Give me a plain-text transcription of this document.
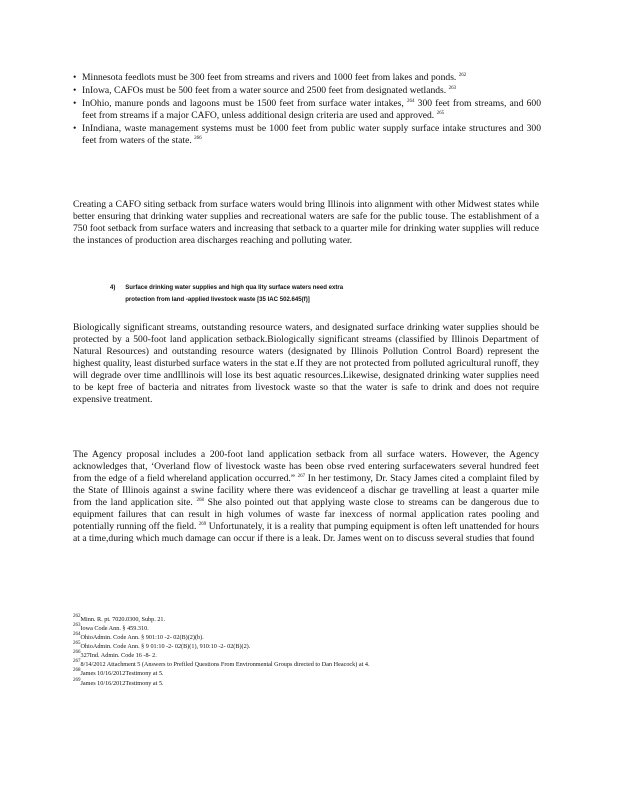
• Minnesota feedlots must be 300 feet from streams and rivers and 1000 feet from lakes and ponds. $^{262}$
• InIowa, CAFOs must be 500 feet from a water source and 2500 feet from designated wetlands. $^{263}$
• InOhio, manure ponds and lagoons must be 1500 feet from surface water intakes, $^{264}$ 300 feet from streams, and 600 feet from streams if a major CAFO, unless additional design criteria are used and approved. $^{265}$
• InIndiana, waste management systems must be 1000 feet from public water supply surface intake structures and 300 feet from waters of the state. $^{266}$

Creating a CAFO siting setback from surface waters would bring Illinois into alignment with other Midwest states while better ensuring that drinking water supplies and recreational waters are safe for the public touse. The establishment of a 750 foot setback from surface waters and increasing that setback to a quarter mile for drinking water supplies will reduce the instances of production area discharges reaching and polluting water.

4) Surface drinking water supplies and high qua lity surface waters need extra
protection from land -applied livestock waste [35 IAC 502.645(f)]

Biologically significant streams, outstanding resource waters, and designated surface drinking water supplies should be protected by a 500-foot land application setback.Biologically significant streams (classified by Illinois Department of Natural Resources) and outstanding resource waters (designated by Illinois Pollution Control Board) represent the highest quality, least disturbed surface waters in the stat e.If they are not protected from polluted agricultural runoff, they will degrade over time andIllinois will lose its best aquatic resources.Likewise, designated drinking water supplies need to be kept free of bacteria and nitrates from livestock waste so that the water is safe to drink and does not require expensive treatment.

The Agency proposal includes a 200-foot land application setback from all surface waters. However, the Agency acknowledges that, ‘Overland flow of livestock waste has been obse rved entering surfacewaters several hundred feet from the edge of a field whereland application occurred.” $^{267}$ In her testimony, Dr. Stacy James cited a complaint filed by the State of Illinois against a swine facility where there was evidenceof a dischar ge travelling at least a quarter mile from the land application site. $^{268}$ She also pointed out that applying waste close to streams can be dangerous due to equipment failures that can result in high volumes of waste far inexcess of normal application rates pooling and potentially running off the field. $^{269}$ Unfortunately, it is a reality that pumping equipment is often left unattended for hours at a time,during which much damage can occur if there is a leak. Dr. James went on to discuss several studies that found

$^{262}$Minn. R. pt. 7020.0300, Subp. 21.
$^{263}$Iowa Code Ann. § 459.310.
$^{264}$OhioAdmin. Code Ann. § 901:10 -2- 02(B)(2)(b).
$^{265}$OhioAdmin. Code Ann. § 9 01:10 -2- 02(B)(1), 910:10 -2- 02(B)(2).
$^{266}$327Ind. Admin. Code 16 -8- 2.
$^{267}$8/14/2012 Attachment 5 (Answers to Prefiled Questions From Environmental Groups directed to Dan Heacock) at 4.
$^{268}$James 10/16/2012Testimony at 5.
$^{269}$James 10/16/2012Testimony at 5.
